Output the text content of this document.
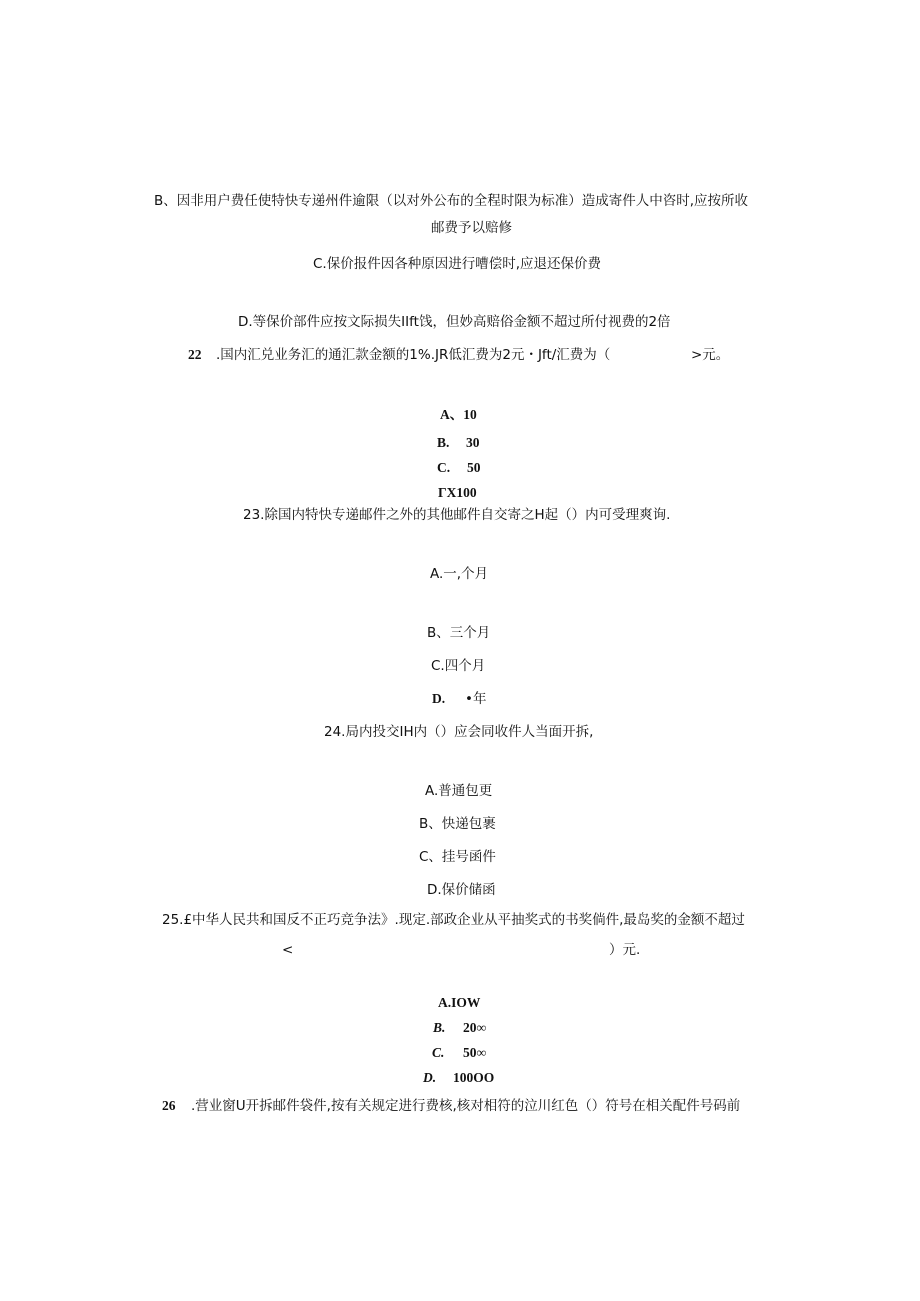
B、因非用户费任使特快专递州件逾限（以对外公布的全程时限为标准）造成寄件人中咨时,应按所收
邮费予以赔修
C.保价报件因各种原因进行嘈偿时,应退还保价费
D.等保价部件应按文际损失IIft饯，但妙高赔俗金额不超过所付视费的2倍
22 .国内汇兑业务汇的通汇款金额的1%.JR低汇费为2元・Jft/汇费为（	>元。
A、10
B. 30
C. 50
ΓX100
23.除国内特快专递邮件之外的其他邮件自交寄之H起（）内可受理爽询.
A.一,个月
B、三个月
C.四个月
D. •年
24.局内投交IH内（）应会同收件人当面开拆,
A.普通包更
B、快递包裹
C、挂号函件
D.保价储函
25.£中华人民共和国反不正巧竞争法》.现定.部政企业从平抽奖式的书奖倘件,最岛奖的金额不超过
<	）元.
A.IOW
B. 20∞
C. 50∞
D. 100OO
26 .营业窗U开拆邮件袋件,按有关规定进行费核,核对相符的泣川红色（）符号在相关配件号码前
